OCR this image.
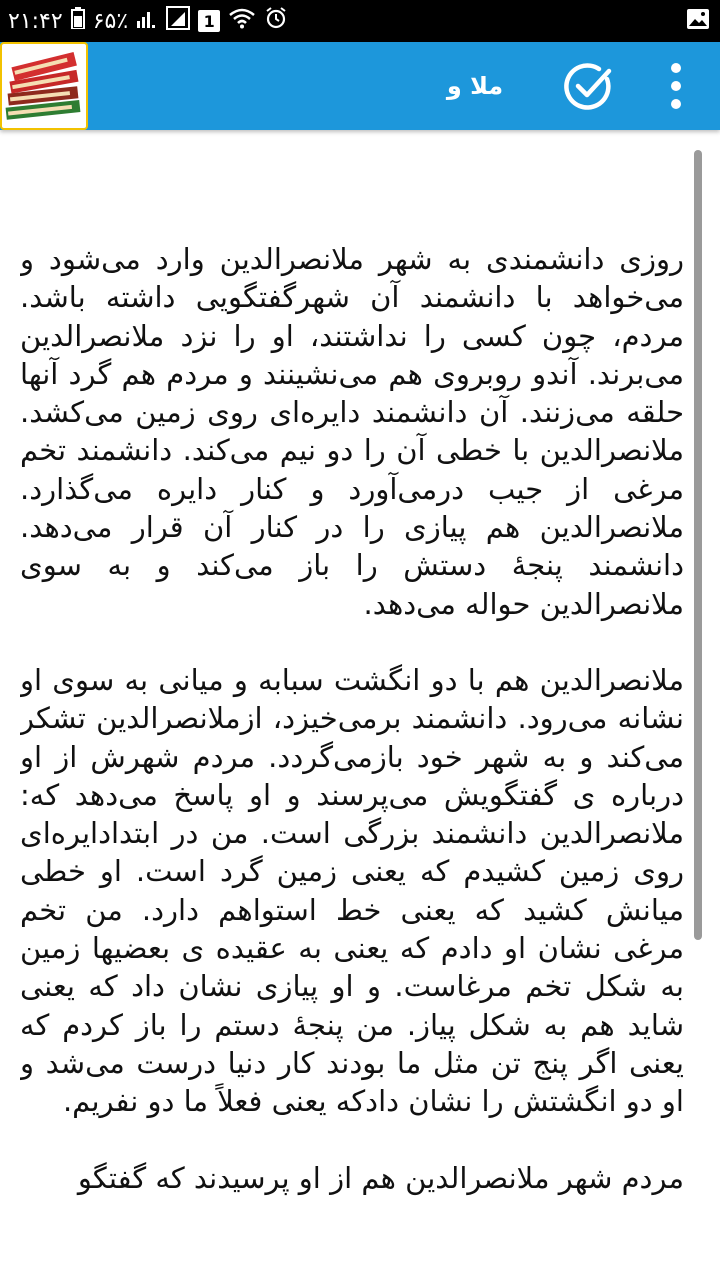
۲۱:۴۲ ۶۵٪	1
ملا و دانشمند

روزی دانشمندی به شهر ملانصرالدین وارد می‌شود و می‌خواهد با دانشمند آن شهرگفتگویی داشته باشد. مردم، چون کسی را نداشتند، او را نزد ملانصرالدین می‌برند. آندو روبروی هم می‌نشینند و مردم هم گرد آنها حلقه می‌زنند. آن دانشمند دایره‌ای روی زمین می‌کشد. ملانصرالدین با خطی آن را دو نیم می‌کند. دانشمند تخم مرغی از جیب درمی‌آورد و کنار دایره می‌گذارد. ملانصرالدین هم پیازی را در کنار آن قرار می‌دهد. دانشمند پنجهٔ دستش را باز می‌کند و به سوی ملانصرالدین حواله می‌دهد.

ملانصرالدین هم با دو انگشت سبابه و میانی به سوی او نشانه می‌رود. دانشمند برمی‌خیزد، ازملانصرالدین تشکر می‌کند و به شهر خود بازمی‌گردد. مردم شهرش از او درباره ی گفتگویش می‌پرسند و او پاسخ می‌دهد که: ملانصرالدین دانشمند بزرگی است. من در ابتدادایره‌ای روی زمین کشیدم که یعنی زمین گرد است. او خطی میانش کشید که یعنی خط استواهم دارد. من تخم مرغی نشان او دادم که یعنی به عقیده ی بعضیها زمین به شکل تخم مرغاست. و او پیازی نشان داد که یعنی شاید هم به شکل پیاز. من پنجهٔ دستم را باز کردم که یعنی اگر پنج تن مثل ما بودند کار دنیا درست می‌شد و او دو انگشتش را نشان دادکه یعنی فعلاً ما دو نفریم.

مردم شهر ملانصرالدین هم از او پرسیدند که گفتگو
